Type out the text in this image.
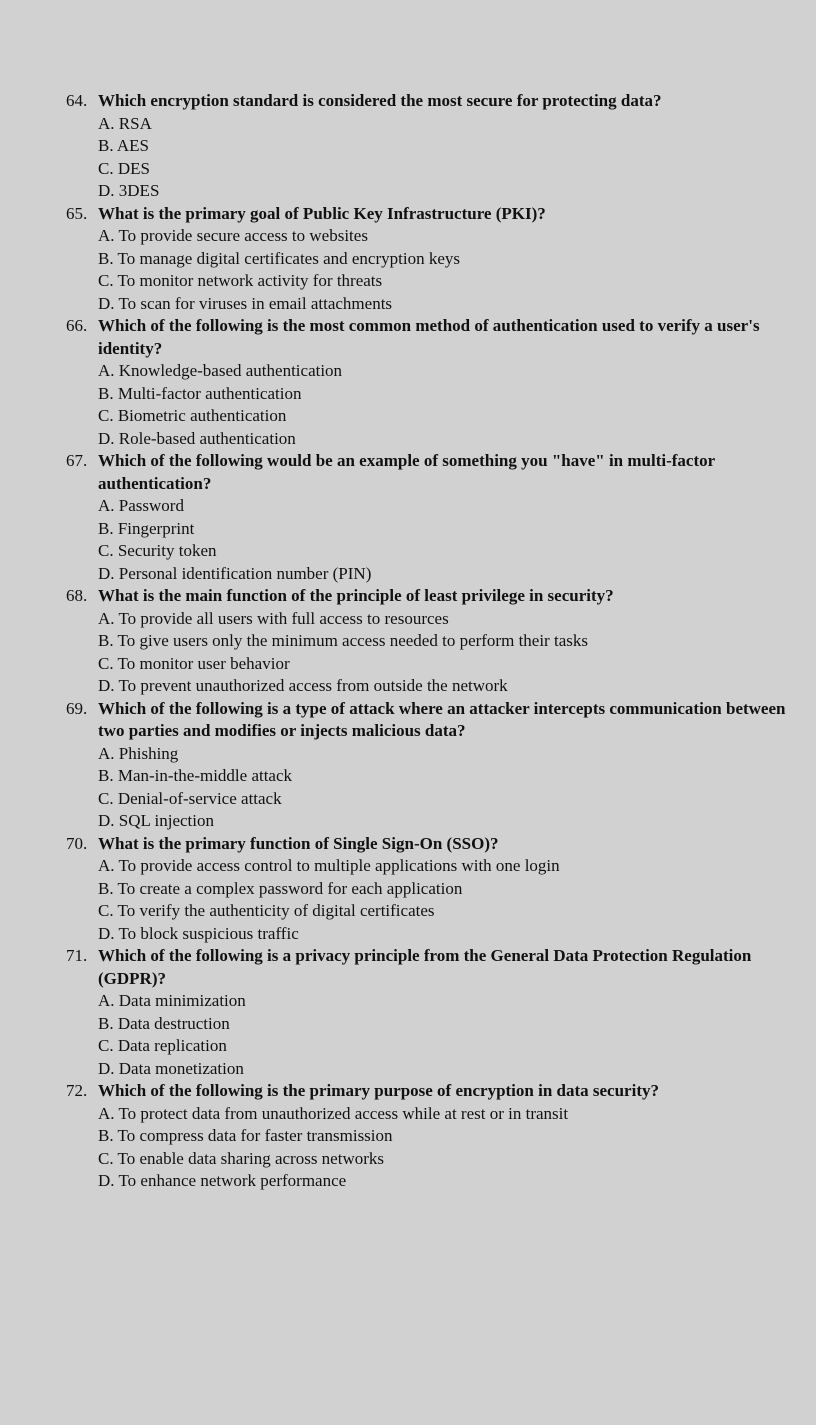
64. Which encryption standard is considered the most secure for protecting data?
A. RSA
B. AES
C. DES
D. 3DES
65. What is the primary goal of Public Key Infrastructure (PKI)?
A. To provide secure access to websites
B. To manage digital certificates and encryption keys
C. To monitor network activity for threats
D. To scan for viruses in email attachments
66. Which of the following is the most common method of authentication used to verify a user's identity?
A. Knowledge-based authentication
B. Multi-factor authentication
C. Biometric authentication
D. Role-based authentication
67. Which of the following would be an example of something you "have" in multi-factor authentication?
A. Password
B. Fingerprint
C. Security token
D. Personal identification number (PIN)
68. What is the main function of the principle of least privilege in security?
A. To provide all users with full access to resources
B. To give users only the minimum access needed to perform their tasks
C. To monitor user behavior
D. To prevent unauthorized access from outside the network
69. Which of the following is a type of attack where an attacker intercepts communication between two parties and modifies or injects malicious data?
A. Phishing
B. Man-in-the-middle attack
C. Denial-of-service attack
D. SQL injection
70. What is the primary function of Single Sign-On (SSO)?
A. To provide access control to multiple applications with one login
B. To create a complex password for each application
C. To verify the authenticity of digital certificates
D. To block suspicious traffic
71. Which of the following is a privacy principle from the General Data Protection Regulation (GDPR)?
A. Data minimization
B. Data destruction
C. Data replication
D. Data monetization
72. Which of the following is the primary purpose of encryption in data security?
A. To protect data from unauthorized access while at rest or in transit
B. To compress data for faster transmission
C. To enable data sharing across networks
D. To enhance network performance
